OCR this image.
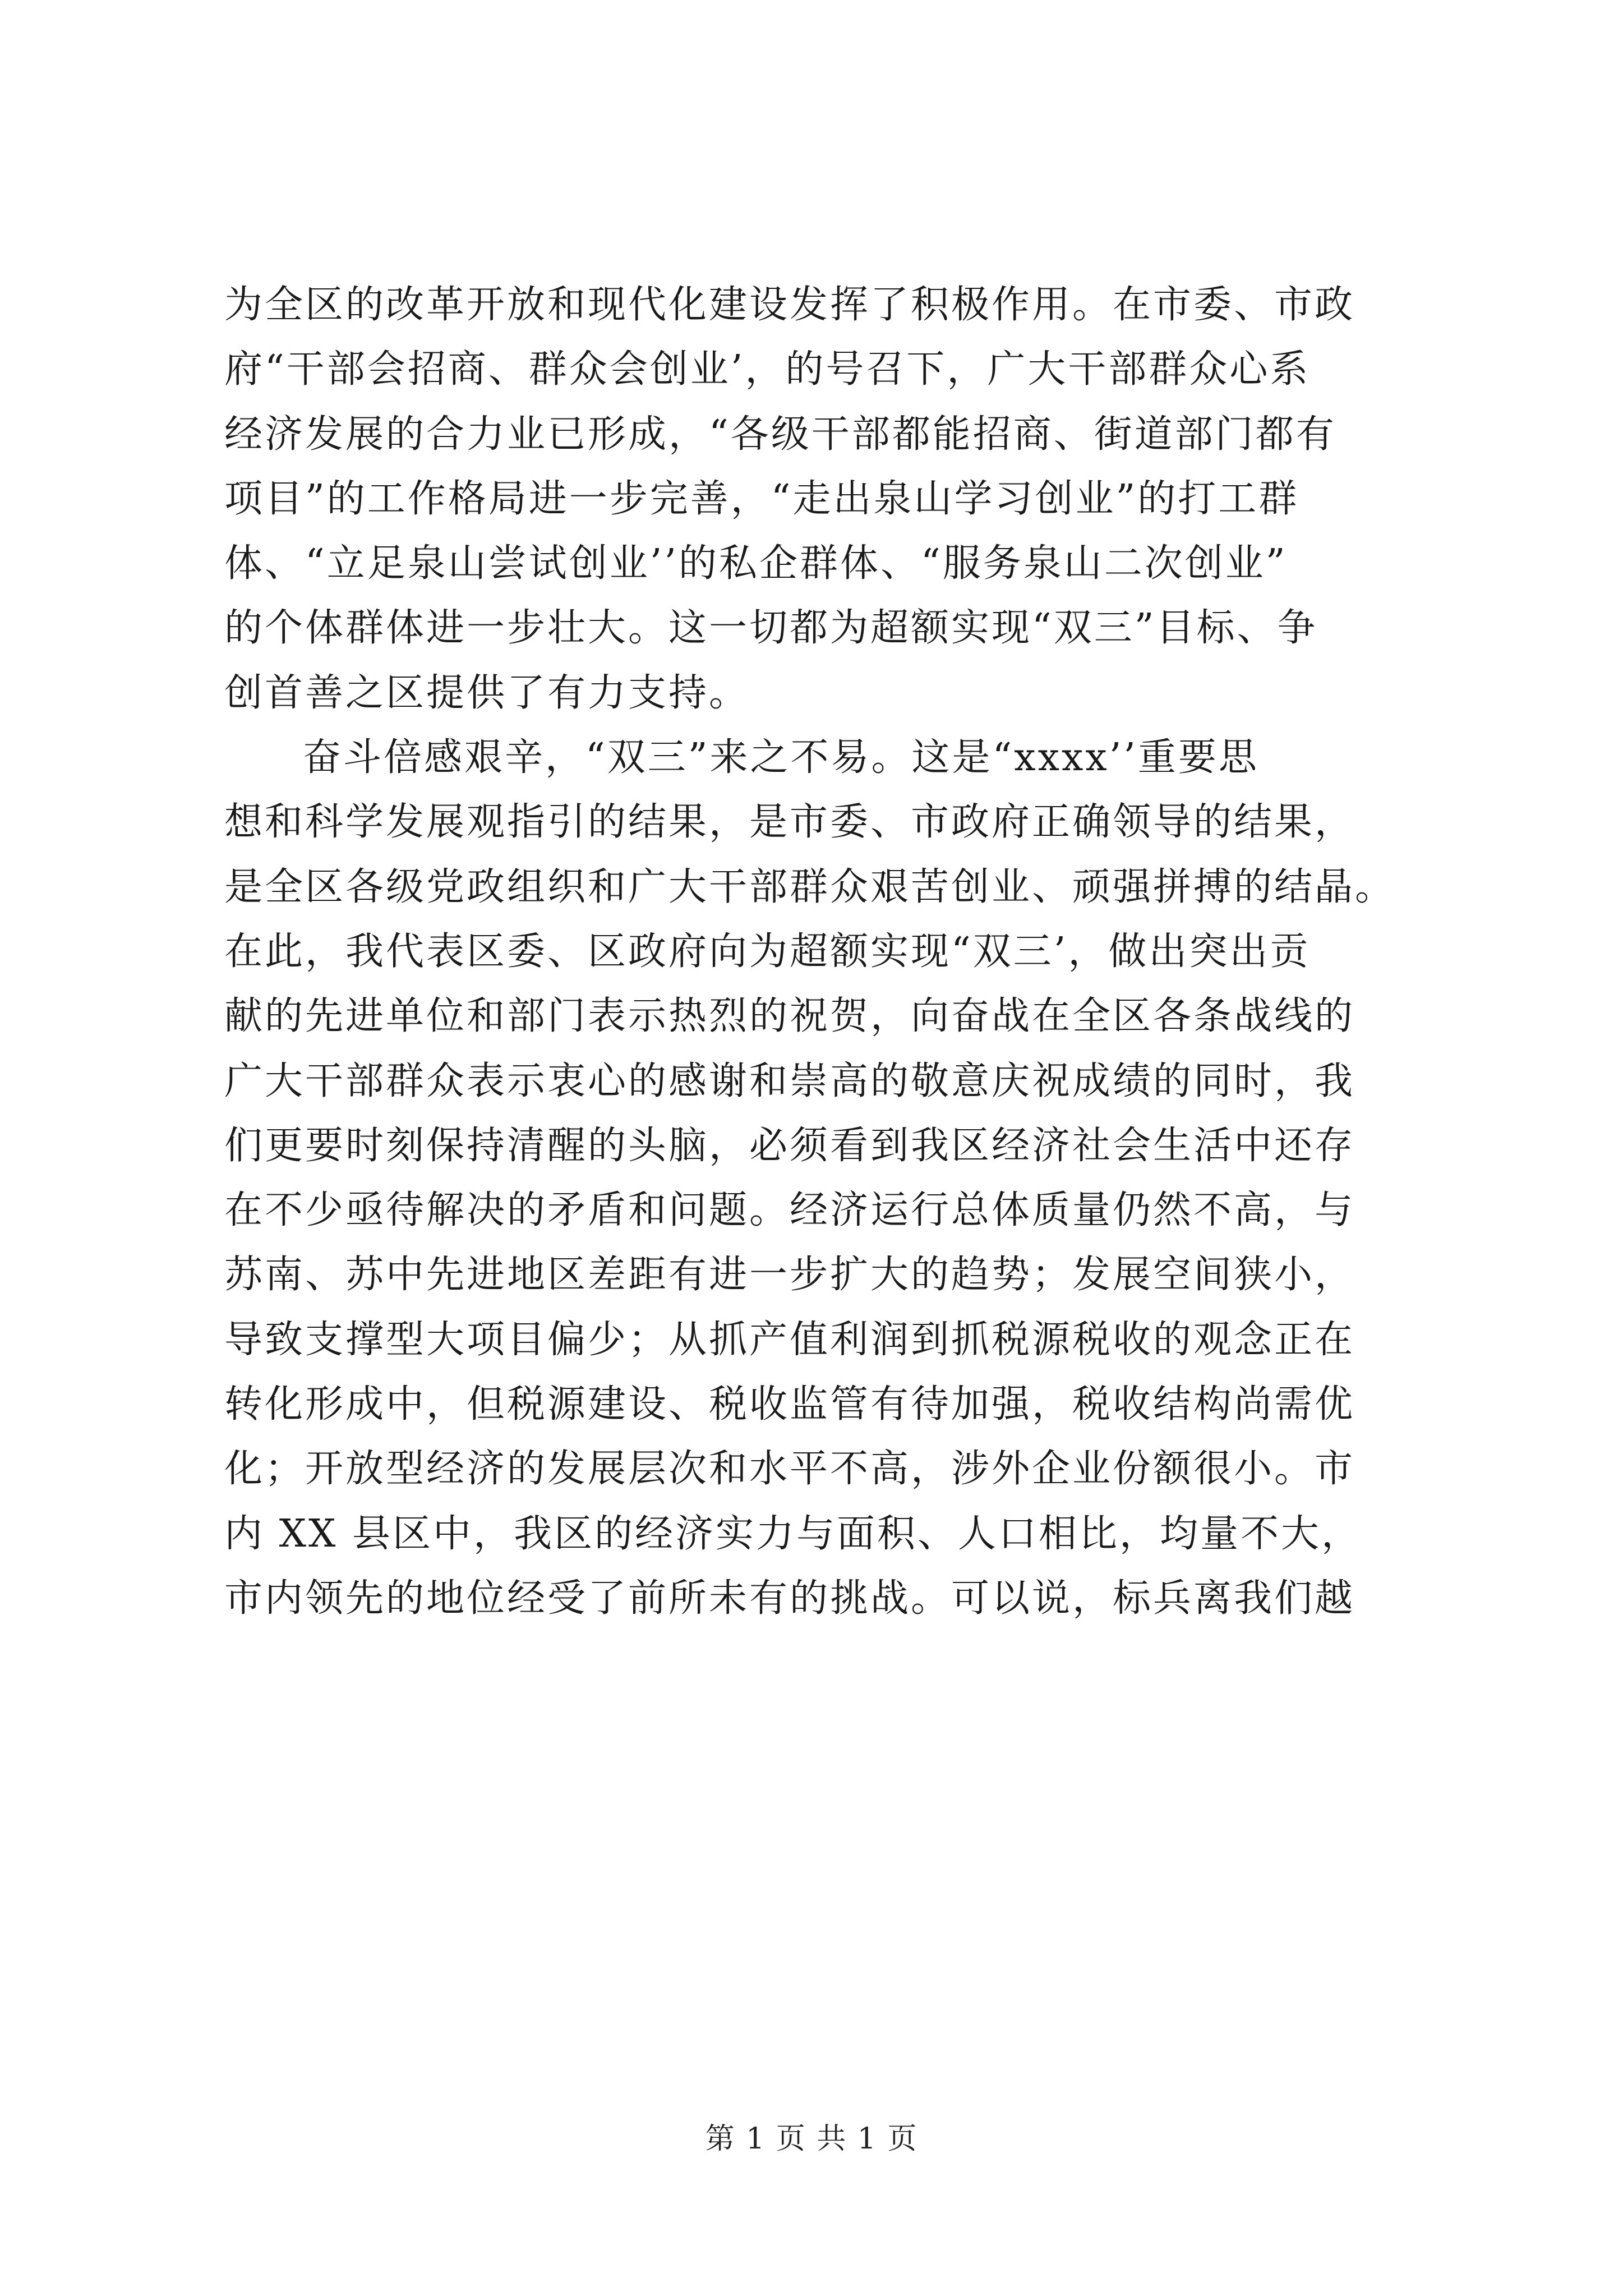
为全区的改革开放和现代化建设发挥了积极作用。在市委、市政
府“干部会招商、群众会创业’，的号召下，广大干部群众心系
经济发展的合力业已形成，“各级干部都能招商、街道部门都有
项目”的工作格局进一步完善，“走出泉山学习创业”的打工群
体、“立足泉山尝试创业’’的私企群体、“服务泉山二次创业”
的个体群体进一步壮大。这一切都为超额实现“双三”目标、争
创首善之区提供了有力支持。
奋斗倍感艰辛，“双三”来之不易。这是“xxxx’’重要思
想和科学发展观指引的结果，是市委、市政府正确领导的结果，
是全区各级党政组织和广大干部群众艰苦创业、顽强拼搏的结晶。
在此，我代表区委、区政府向为超额实现“双三’，做出突出贡
献的先进单位和部门表示热烈的祝贺，向奋战在全区各条战线的
广大干部群众表示衷心的感谢和崇高的敬意庆祝成绩的同时，我
们更要时刻保持清醒的头脑，必须看到我区经济社会生活中还存
在不少亟待解决的矛盾和问题。经济运行总体质量仍然不高，与
苏南、苏中先进地区差距有进一步扩大的趋势；发展空间狭小，
导致支撑型大项目偏少；从抓产值利润到抓税源税收的观念正在
转化形成中，但税源建设、税收监管有待加强，税收结构尚需优
化；开放型经济的发展层次和水平不高，涉外企业份额很小。市
内 XX 县区中，我区的经济实力与面积、人口相比，均量不大，
市内领先的地位经受了前所未有的挑战。可以说，标兵离我们越
第 1 页 共 1 页
